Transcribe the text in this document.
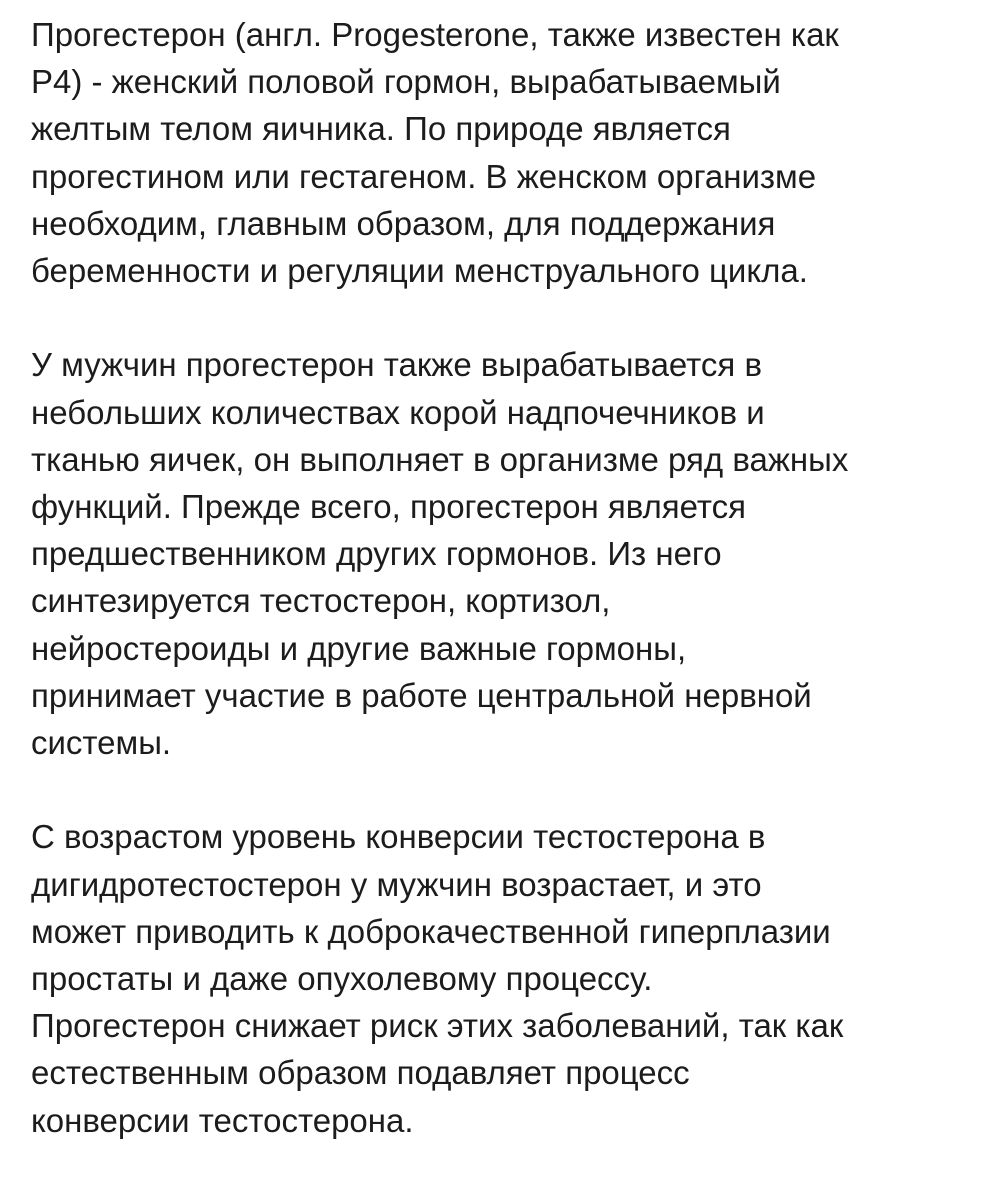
Прогестерон (англ. Progesterone, также известен как
P4) - женский половой гормон, вырабатываемый
желтым телом яичника. По природе является
прогестином или гестагеном. В женском организме
необходим, главным образом, для поддержания
беременности и регуляции менструального цикла.

У мужчин прогестерон также вырабатывается в
небольших количествах корой надпочечников и
тканью яичек, он выполняет в организме ряд важных
функций. Прежде всего, прогестерон является
предшественником других гормонов. Из него
синтезируется тестостерон, кортизол,
нейростероиды и другие важные гормоны,
принимает участие в работе центральной нервной
системы.

С возрастом уровень конверсии тестостерона в
дигидротестостерон у мужчин возрастает, и это
может приводить к доброкачественной гиперплазии
простаты и даже опухолевому процессу.
Прогестерон снижает риск этих заболеваний, так как
естественным образом подавляет процесс
конверсии тестостерона.
